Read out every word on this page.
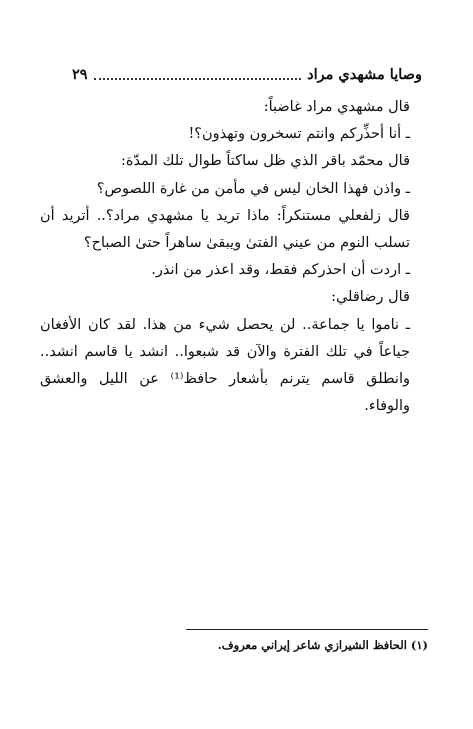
وصايا مشهدي مراد
٢٩

قال مشهدي مراد غاضباً:

ـ أنا أحذِّركم وانتم تسخرون وتهذون؟!

قال محمّد باقر الذي ظل ساكتاً طوال تلك المدّة:

ـ واذن فهذا الخان ليس في مأمن من غارة اللصوص؟

قال زلفعلي مستنكراً: ماذا تريد يا مشهدي مراد؟.. أتريد أن تسلب النوم من عيني الفتىٰ ويبقىٰ ساهراً حتىٰ الصباح؟

ـ اردت أن احذركم فقط، وقد اعذر من انذر.

قال رضاقلي:

ـ ناموا يا جماعة.. لن يحصل شيء من هذا. لقد كان الأفغان جياعاً في تلك الفترة والآن قد شبعوا.. انشد يا قاسم انشد.. وانطلق قاسم يترنم بأشعار حافظ⁽¹⁾ عن الليل والعشق والوفاء.

(١) الحافظ الشيرازي شاعر إيراني معروف.
